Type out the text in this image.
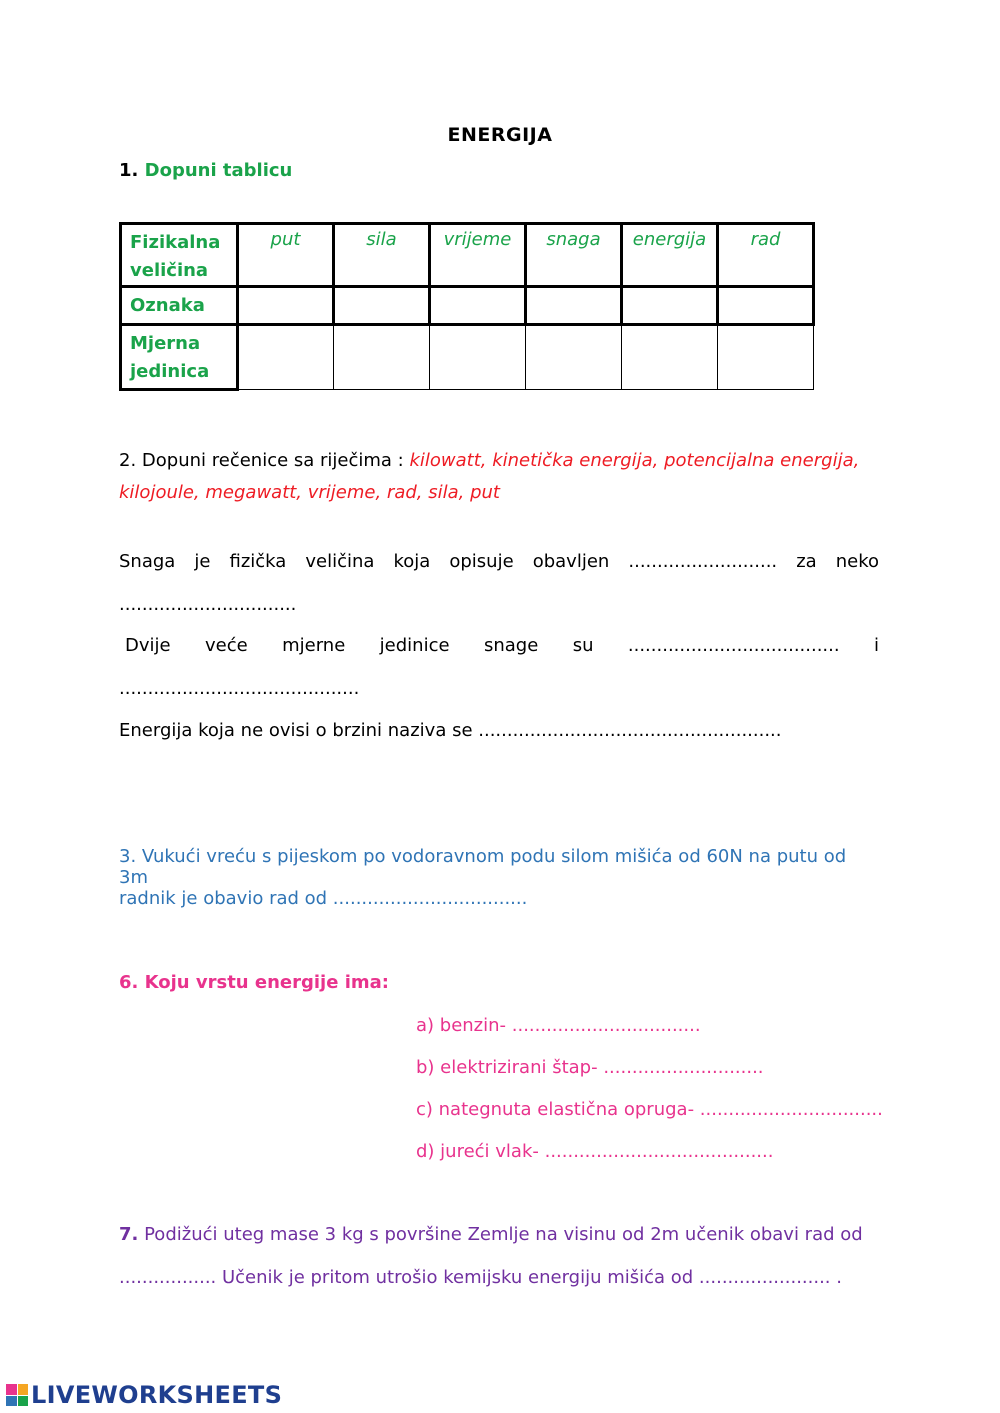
ENERGIJA
1. Dopuni tablicu
Fizikalna veličina	put	sila	vrijeme	snaga	energija	rad
Oznaka						
Mjerna jedinica						
2. Dopuni rečenice sa riječima : kilowatt, kinetička energija, potencijalna energija, kilojoule, megawatt, vrijeme, rad, sila, put
Snaga je fizička veličina koja opisuje obavljen .......................... za neko
...............................
Dvije veće mjerne jedinice snage su ..................................... i
..........................................
Energija koja ne ovisi o brzini naziva se .....................................................
3. Vukući vreću s pijeskom po vodoravnom podu silom mišića od 60N na putu od 3m
radnik je obavio rad od ..................................
6. Koju vrstu energije ima:
a) benzin- .................................
b) elektrizirani štap- ............................
c) nategnuta elastična opruga- ................................
d) jureći vlak- ........................................
7. Podižući uteg mase 3 kg s površine Zemlje na visinu od 2m učenik obavi rad od
................. Učenik je pritom utrošio kemijsku energiju mišića od ....................... .
LIVEWORKSHEETS
